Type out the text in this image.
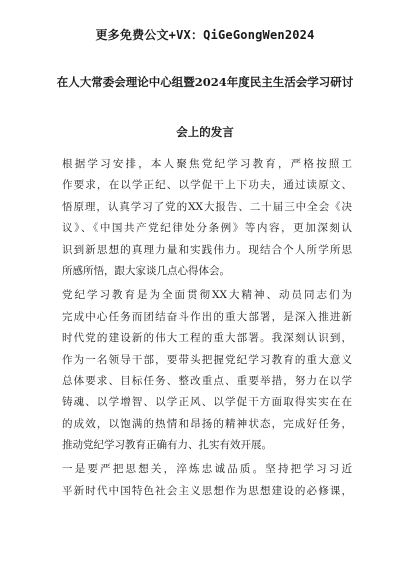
更多免费公文+VX：QiGeGongWen2024
在人大常委会理论中心组暨2024年度民主生活会学习研讨
会上的发言
根据学习安排，本人聚焦党纪学习教育，严格按照工
作要求，在以学正纪、以学促干上下功夫，通过读原文、
悟原理，认真学习了党的XX大报告、二十届三中全会《决
议》、《中国共产党纪律处分条例》等内容，更加深刻认
识到新思想的真理力量和实践伟力。现结合个人所学所思
所感所悟，跟大家谈几点心得体会。
党纪学习教育是为全面贯彻XX大精神、动员同志们为
完成中心任务而团结奋斗作出的重大部署，是深入推进新
时代党的建设新的伟大工程的重大部署。我深刻认识到，
作为一名领导干部，要带头把握党纪学习教育的重大意义
总体要求、目标任务、整改重点、重要举措，努力在以学
铸魂、以学增智、以学正风、以学促干方面取得实实在在
的成效，以饱满的热情和昂扬的精神状态，完成好任务，
推动党纪学习教育正确有力、扎实有效开展。
一是要严把思想关，淬炼忠诚品质。坚持把学习习近
平新时代中国特色社会主义思想作为思想建设的必修课，
